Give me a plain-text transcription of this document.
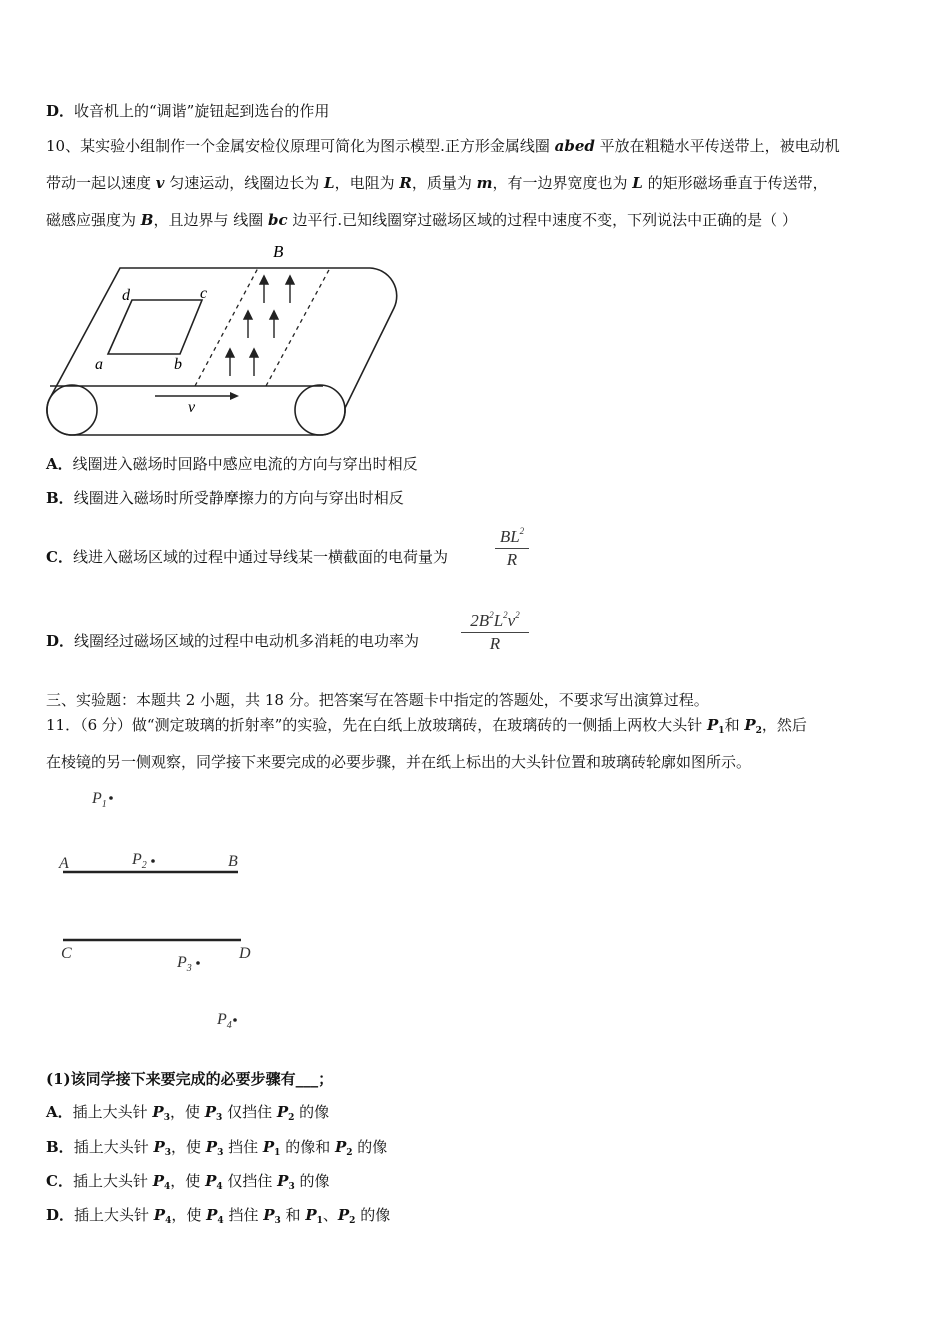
D．收音机上的“调谐”旋钮起到选台的作用
10、某实验小组制作一个金属安检仪原理可简化为图示模型.正方形金属线圈 abed 平放在粗糙水平传送带上，被电动机
带动一起以速度 v 匀速运动，线圈边长为 L，电阻为 R，质量为 m，有一边界宽度也为 L 的矩形磁场垂直于传送带，
磁感应强度为 B，且边界与 线圈 bc 边平行.已知线圈穿过磁场区域的过程中速度不变，下列说法中正确的是（ ）
B
d	c
a	b
v
A．线圈进入磁场时回路中感应电流的方向与穿出时相反
B．线圈进入磁场时所受静摩擦力的方向与穿出时相反
C．线进入磁场区域的过程中通过导线某一横截面的电荷量为
$BL^2$
R
D．线圈经过磁场区域的过程中电动机多消耗的电功率为
$2B^2L^2v^2$
R
三、实验题：本题共 2 小题，共 18 分。把答案写在答题卡中指定的答题处，不要求写出演算过程。
11．（6 分）做“测定玻璃的折射率”的实验，先在白纸上放玻璃砖，在玻璃砖的一侧插上两枚大头针 $P_1$和 $P_2$，然后
在棱镜的另一侧观察，同学接下来要完成的必要步骤，并在纸上标出的大头针位置和玻璃砖轮廓如图所示。
$P_1$
$P_2$
$P_3$
$P_4$
A	B
C	D
(1)该同学接下来要完成的必要步骤有___；
A．插上大头针 $P_3$，使 $P_3$ 仅挡住 $P_2$ 的像
B．插上大头针 $P_3$，使 $P_3$ 挡住 $P_1$ 的像和 $P_2$ 的像
C．插上大头针 $P_4$，使 $P_4$ 仅挡住 $P_3$ 的像
D．插上大头针 $P_4$，使 $P_4$ 挡住 $P_3$ 和 $P_1$、$P_2$ 的像
